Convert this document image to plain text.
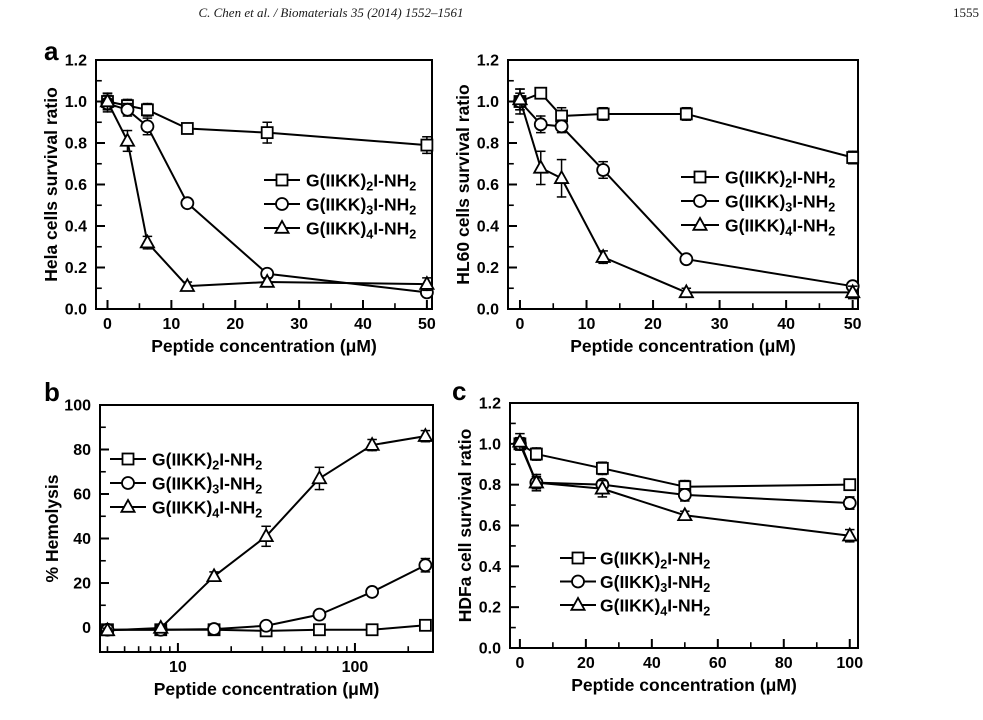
C. Chen et al. / Biomaterials 35 (2014) 1552–1561	1555
a
b	c
0	10	20	30	40	50
0.0
0.2
0.4
0.6
0.8
1.0
1.2
Peptide concentration (μM)
Hela cells survival ratio	$G(IIKK)_2I-NH_2$
$G(IIKK)_3I-NH_2$
$G(IIKK)_4I-NH_2$
0	10	20	30	40	50
0.0
0.2
0.4
0.6
0.8
1.0
1.2
Peptide concentration (μM)
HL60 cells survival ratio	$G(IIKK)_2I-NH_2$
$G(IIKK)_3I-NH_2$
$G(IIKK)_4I-NH_2$
10	100
0
20
40
60
80
100
Peptide concentration (μM)
% Hemolysis
$G(IIKK)_2I-NH_2$
$G(IIKK)_3I-NH_2$
$G(IIKK)_4I-NH_2$
0	20	40	60	80	100
0.0
0.2
0.4
0.6
0.8
1.0
1.2
Peptide concentration (μM)
HDFa cell survival ratio	$G(IIKK)_2I-NH_2$
$G(IIKK)_3I-NH_2$
$G(IIKK)_4I-NH_2$
